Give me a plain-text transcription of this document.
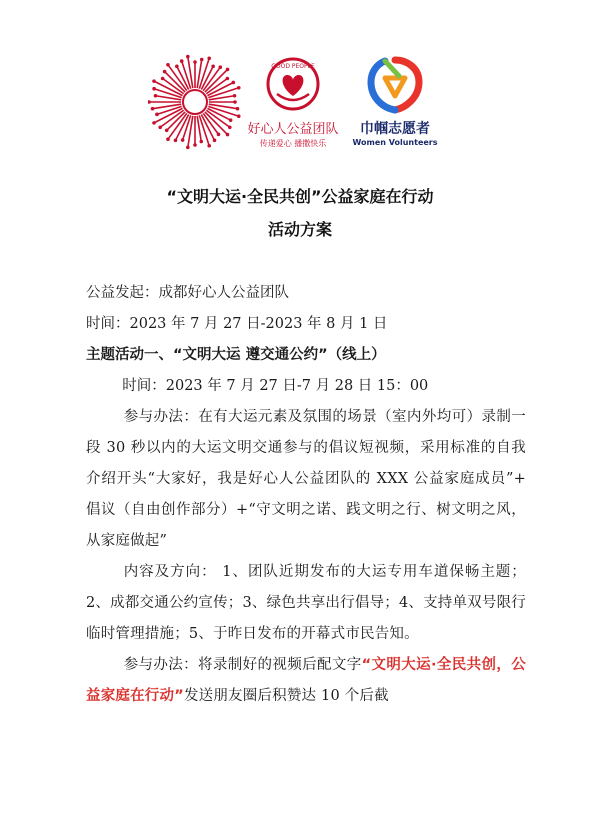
GOOD PEOPLE
好心人公益团队
传递爱心 播撒快乐
巾帼志愿者
Women Volunteers
“文明大运·全民共创”公益家庭在行动
活动方案
公益发起：成都好心人公益团队
时间：2023 年 7 月 27 日-2023 年 8 月 1 日
主题活动一、“文明大运 遵交通公约”（线上）
时间：2023 年 7 月 27 日-7 月 28 日 15：00
参与办法：在有大运元素及氛围的场景（室内外均可）录制一段 30 秒以内的大运文明交通参与的倡议短视频，采用标准的自我介绍开头“大家好，我是好心人公益团队的 XXX 公益家庭成员”+ 倡议（自由创作部分）+“守文明之诺、践文明之行、树文明之风，从家庭做起”
内容及方向： 1、团队近期发布的大运专用车道保畅主题；2、成都交通公约宣传；3、绿色共享出行倡导；4、支持单双号限行临时管理措施；5、于昨日发布的开幕式市民告知。
参与办法：将录制好的视频后配文字“文明大运·全民共创，公益家庭在行动”发送朋友圈后积赞达 10 个后截
